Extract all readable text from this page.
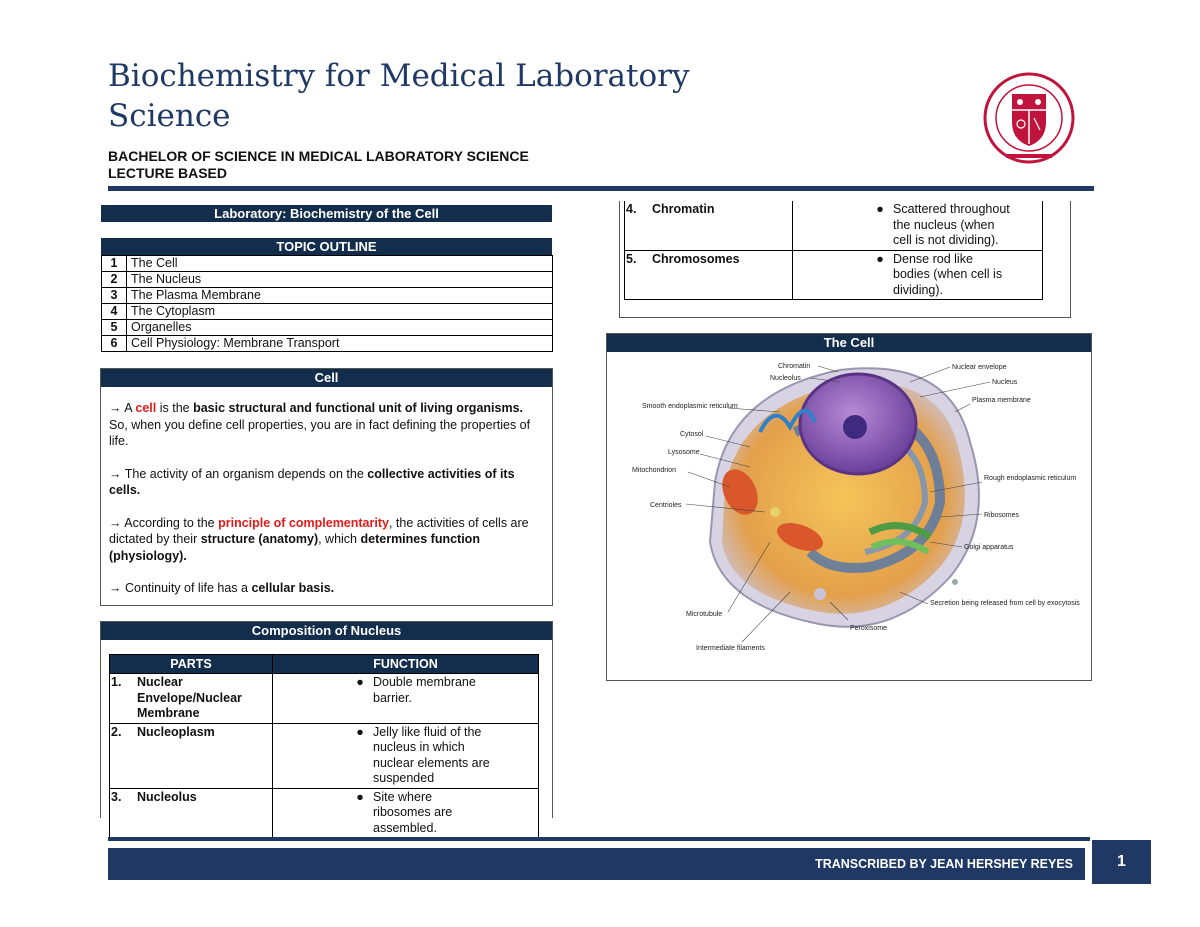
Biochemistry for Medical Laboratory
Science
BACHELOR OF SCIENCE IN MEDICAL LABORATORY SCIENCE
LECTURE BASED
Laboratory: Biochemistry of the Cell
TOPIC OUTLINE
1	The Cell
2	The Nucleus
3	The Plasma Membrane
4	The Cytoplasm
5	Organelles
6	Cell Physiology: Membrane Transport
Cell

→ A cell is the basic structural and functional unit of living organisms. So, when you define cell properties, you are in fact defining the properties of life.

→ The activity of an organism depends on the collective activities of its cells.

→ According to the principle of complementarity, the activities of cells are dictated by their structure (anatomy), which determines function (physiology).

→ Continuity of life has a cellular basis.

Composition of Nucleus
PARTS	FUNCTION

1. Nuclear Envelope/Nuclear Membrane	● Double membrane barrier.

2. Nucleoplasm	● Jelly like fluid of the nucleus in which nuclear elements are suspended

3. Nucleolus	● Site where ribosomes are assembled.
4. Chromatin	● Scattered throughout the nucleus (when cell is not dividing).

5. Chromosomes	● Dense rod like bodies (when cell is dividing).
The Cell
Chromatin
Nucleolus
Smooth endoplasmic reticulum
Cytosol
Lysosome
Mitochondrion
Centrioles
Microtubule
Intermediate filaments
Nuclear envelope
Nucleus
Plasma membrane
Rough endoplasmic reticulum
Ribosomes
Golgi apparatus
Secretion being released from cell by exocytosis
Peroxisome
TRANSCRIBED BY JEAN HERSHEY REYES	1
